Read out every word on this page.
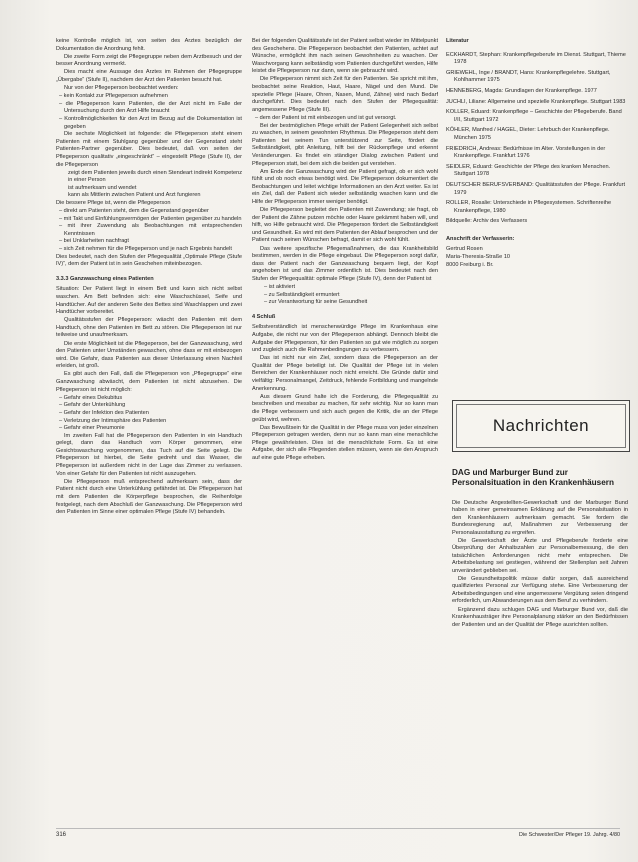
keine Kontrolle möglich ist, von seiten des Arztes bezüglich der Dokumentation die Anordnung fehlt.

Die zweite Form zeigt die Pflegegruppe neben dem Arztbesuch und der besser Anordnung vermerkt.

Dies macht eine Aussage des Arztes im Rahmen der Pflegegruppe „Übergabe“ (Stufe II), nachdem der Arzt den Patienten besucht hat.

Nur von der Pflegeperson beobachtet werden:

– kein Kontakt zur Pflegeperson aufnehmen

– die Pflegeperson kann Patienten, die der Arzt nicht im Falle der Untersuchung durch den Arzt Hilfe braucht

– Kontrollmöglichkeiten für den Arzt im Bezug auf die Dokumentation ist gegeben

Die sechste Möglichkeit ist folgende: die Pflegeperson steht einem Patienten mit einem Stuhlgang gegenüber und der Gegenstand steht Patienten-Partner gegenüber. Dies bedeutet, daß von seiten der Pflegeperson qualitativ „eingeschränkt“ – eingestellt Pflege (Stufe II), der die Pflegeperson

zeigt dem Patienten jeweils durch einen Stendeart indirekt Kompetenz in einer Person

ist aufmerksam und wendet

kann als Mittlerin zwischen Patient und Arzt fungieren

Die bessere Pflege ist, wenn die Pflegeperson

– direkt am Patienten steht, dem die Gegenstand gegenüber

– mit Takt und Einfühlungsvermögen der Patienten gegenüber zu handeln

– mit ihrer Zuwendung als Beobachtungen mit entsprechenden Kenntnissen

– bei Unklarheiten nachfragt

– sich Zeit nehmen für die Pflegeperson und je nach Ergebnis handelt

Dies bedeutet, nach den Stufen der Pflegequalität „Optimale Pflege (Stufe IV)“, dem der Patient ist in sein Geschehen miteinbezogen.

3.3.3 Ganzwaschung eines Patienten

Situation: Der Patient liegt in einem Bett und kann sich nicht selbst waschen. Am Bett befinden sich: eine Waschschüssel, Seife und Handtücher. Auf der anderen Seite des Bettes sind Waschlappen und zwei Handtücher vorbereitet.

Qualitätsstufen der Pflegeperson: wäscht den Patienten mit dem Handtuch, ohne den Patienten im Bett zu stören. Die Pflegeperson ist nur teilweise und unaufmerksam.

Die erste Möglichkeit ist die Pflegeperson, bei der Ganzwaschung, wird den Patienten unter Umständen gewaschen, ohne dass er mit einbezogen wird. Die Gefahr, dass Patienten aus dieser Unterlassung einen Nachteil erleiden, ist groß.

Es gibt auch den Fall, daß die Pflegeperson von „Pflegegruppe“ eine Ganzwaschung abwäscht, dem Patienten ist nicht abzusehen. Die Pflegeperson ist nicht möglich:

– Gefahr eines Dekubitus

– Gefahr der Unterkühlung

– Gefahr der Infektion des Patienten

– Verletzung der Intimsphäre des Patienten

– Gefahr einer Pneumonie

Im zweiten Fall hat die Pflegeperson den Patienten in ein Handtuch gelegt, dann das Handtuch vom Körper genommen, eine Gesichtswaschung vorgenommen, das Tuch auf die Seite gelegt. Die Pflegeperson ist hierbei, die Seite gedreht und das Wasser, die Pflegeperson ist außerdem nicht in der Lage das Zimmer zu verlassen. Von einer Gefahr für den Patienten ist nicht auszugehen.

Die Pflegeperson muß entsprechend aufmerksam sein, dass der Patient nicht durch eine Unterkühlung gefährdet ist. Die Pflegeperson hat mit dem Patienten die Körperpflege besprochen, die Reihenfolge festgelegt, nach dem Abschluß der Ganzwaschung. Die Pflegeperson wird den Patienten im Sinne einer optimalen Pflege (Stufe IV) behandeln.

Bei der folgenden Qualitätsstufe ist der Patient selbst wieder im Mittelpunkt des Geschehens. Die Pflegeperson beobachtet den Patienten, achtet auf Wünsche, ermöglicht ihm nach seinen Gewohnheiten zu waschen. Der Waschvorgang kann selbständig vom Patienten durchgeführt werden, Hilfe leistet die Pflegeperson nur dann, wenn sie gebraucht wird.

Die Pflegeperson nimmt sich Zeit für den Patienten. Sie spricht mit ihm, beobachtet seine Reaktion, Haut, Haare, Nägel und den Mund. Die spezielle Pflege (Haare, Ohren, Nasen, Mund, Zähne) wird nach Bedarf durchgeführt. Dies bedeutet nach den Stufen der Pflegequalität: angemessene Pflege (Stufe III).

– dem der Patient ist mit einbezogen und ist gut versorgt.

Bei der bestmöglichen Pflege erhält der Patient Gelegenheit sich selbst zu waschen, in seinem gewohnten Rhythmus. Die Pflegeperson steht dem Patienten bei seinem Tun unterstützend zur Seite, fördert die Selbständigkeit, gibt Anleitung, hilft bei der Rückenpflege und erkennt Veränderungen. Es findet ein ständiger Dialog zwischen Patient und Pflegeperson statt, bei dem sich die beiden gut verstehen.

Am Ende der Ganzwaschung wird der Patient gefragt, ob er sich wohl fühlt und ob noch etwas benötigt wird. Die Pflegeperson dokumentiert die Beobachtungen und leitet wichtige Informationen an den Arzt weiter. Es ist ein Ziel, daß der Patient sich wieder selbständig waschen kann und die Hilfe der Pflegeperson immer weniger benötigt.

Die Pflegeperson begleitet den Patienten mit Zuwendung; sie fragt, ob der Patient die Zähne putzen möchte oder Haare gekämmt haben will, und hilft, wo Hilfe gebraucht wird. Die Pflegeperson fördert die Selbständigkeit und Gesundheit. Es wird mit dem Patienten der Ablauf besprochen und der Patient nach seinen Wünschen befragt, damit er sich wohl fühlt.

Das weitere spezifische Pflegemaßnahmen, die das Krankheitsbild bestimmen, werden in die Pflege eingebaut. Die Pflegeperson sorgt dafür, dass der Patient nach der Ganzwaschung bequem liegt, der Kopf angehoben ist und das Zimmer ordentlich ist. Dies bedeutet nach den Stufen der Pflegequalität: optimale Pflege (Stufe IV), denn der Patient ist

– ist aktiviert

– zu Selbständigkeit ermuntert

– zur Verantwortung für seine Gesundheit

4 Schluß

Selbstverständlich ist menschenwürdige Pflege im Krankenhaus eine Aufgabe, die nicht nur von der Pflegeperson abhängt. Dennoch bleibt die Aufgabe der Pflegeperson, für den Patienten so gut wie möglich zu sorgen und zugleich auch die Rahmenbedingungen zu verbessern.

Das ist nicht nur ein Ziel, sondern dass die Pflegeperson an der Qualität der Pflege beteiligt ist. Die Qualität der Pflege ist in vielen Bereichen der Krankenhäuser noch nicht erreicht. Die Gründe dafür sind vielfältig: Personalmangel, Zeitdruck, fehlende Fortbildung und mangelnde Anerkennung.

Aus diesem Grund halte ich die Forderung, die Pflegequalität zu beschreiben und messbar zu machen, für sehr wichtig. Nur so kann man die Pflege verbessern und sich auch gegen die Kritik, die an der Pflege geübt wird, wehren.

Das Bewußtsein für die Qualität in der Pflege muss von jeder einzelnen Pflegeperson getragen werden, denn nur so kann man eine menschliche Pflege gewährleisten. Dies ist die menschlichste Form. Es ist eine Aufgabe, der sich alle Pflegenden stellen müssen, wenn sie den Anspruch auf eine gute Pflege erheben.

Literatur

ECKHARDT, Stephan: Krankenpflegeberufe im Dienst. Stuttgart, Thieme 1978

GRIEWEHL, Inge / BRANDT, Hans: Krankenpflegelehre. Stuttgart, Kohlhammer 1975

HENNEBERG, Magda: Grundlagen der Krankenpflege. 1977

JUCHLI, Liliane: Allgemeine und spezielle Krankenpflege. Stuttgart 1983

KOLLER, Eduard: Krankenpflege – Geschichte der Pflegeberufe. Band I/II, Stuttgart 1972

KÖHLER, Manfred / HAGEL, Dieter: Lehrbuch der Krankenpflege. München 1975

FRIEDRICH, Andreas: Bedürfnisse im Alter. Vorstellungen in der Krankenpflege. Frankfurt 1976

SEIDLER, Eduard: Geschichte der Pflege des kranken Menschen. Stuttgart 1978

DEUTSCHER BERUFSVERBAND: Qualitätsstufen der Pflege. Frankfurt 1979

ROLLER, Rosalie: Unterschiede in Pflegesystemen. Schriftenreihe Krankenpflege, 1980

Bildquelle: Archiv des Verfassers

Anschrift der Verfasserin:

Gertrud Rosen

Maria-Theresia-Straße 10

8000 Freiburg i. Br.

Nachrichten
DAG und Marburger Bund zur Personalsituation in den Krankenhäusern

Die Deutsche Angestellten-Gewerkschaft und der Marburger Bund haben in einer gemeinsamen Erklärung auf die Personalsituation in den Krankenhäusern aufmerksam gemacht. Sie fordern die Bundesregierung auf, Maßnahmen zur Verbesserung der Personalausstattung zu ergreifen.

Die Gewerkschaft der Ärzte und Pflegeberufe forderte eine Überprüfung der Anhaltszahlen zur Personalbemessung, die den tatsächlichen Anforderungen nicht mehr entsprechen. Die Arbeitsbelastung sei gestiegen, während der Stellenplan seit Jahren unverändert geblieben sei.

Die Gesundheitspolitik müsse dafür sorgen, daß ausreichend qualifiziertes Personal zur Verfügung stehe. Eine Verbesserung der Arbeitsbedingungen und eine angemessene Vergütung seien dringend erforderlich, um Abwanderungen aus dem Beruf zu verhindern.

Ergänzend dazu schlugen DAG und Marburger Bund vor, daß die Krankenhausträger ihre Personalplanung stärker an den Bedürfnissen der Patienten und an der Qualität der Pflege ausrichten sollten.

316	Die Schwester/Der Pfleger 19. Jahrg. 4/80
